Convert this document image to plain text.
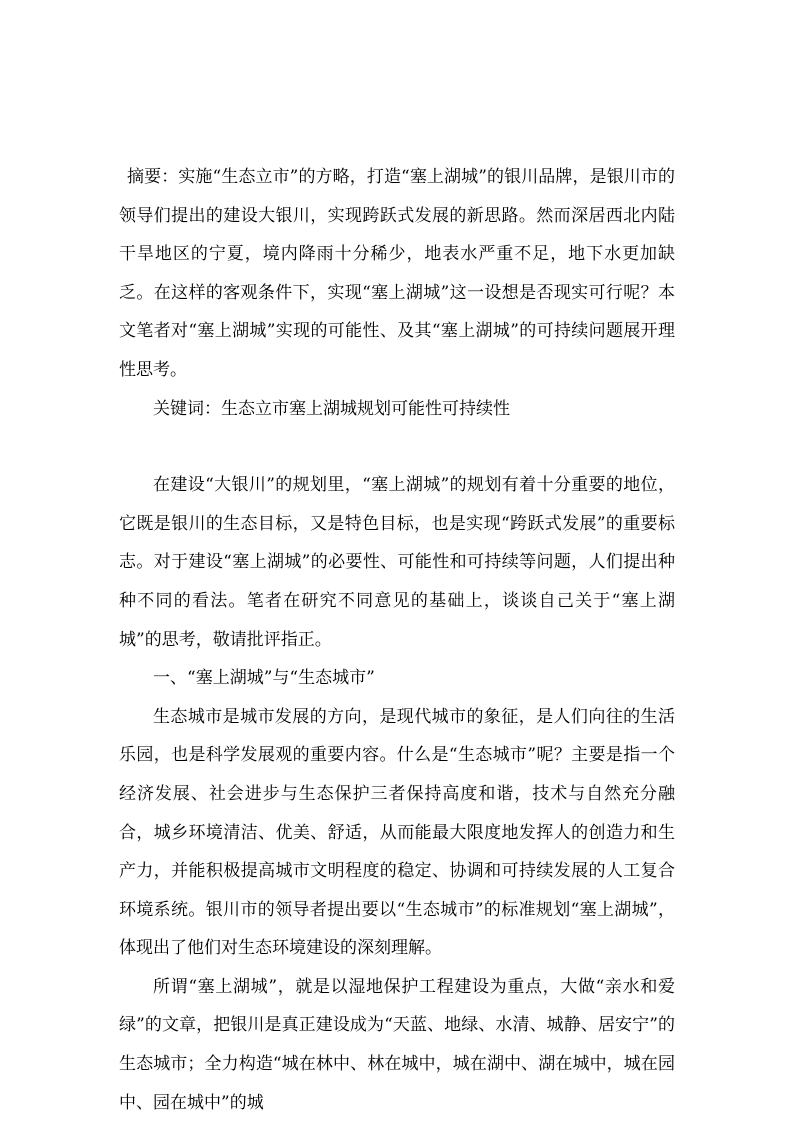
摘要：实施“生态立市”的方略，打造“塞上湖城”的银川品牌，是银川市的领导们提出的建设大银川，实现跨跃式发展的新思路。然而深居西北内陆干旱地区的宁夏，境内降雨十分稀少，地表水严重不足，地下水更加缺乏。在这样的客观条件下，实现“塞上湖城”这一设想是否现实可行呢？本文笔者对“塞上湖城”实现的可能性、及其“塞上湖城”的可持续问题展开理性思考。

关键词：生态立市塞上湖城规划可能性可持续性

在建设“大银川”的规划里，“塞上湖城”的规划有着十分重要的地位，它既是银川的生态目标，又是特色目标，也是实现“跨跃式发展”的重要标志。对于建设“塞上湖城”的必要性、可能性和可持续等问题，人们提出种种不同的看法。笔者在研究不同意见的基础上，谈谈自己关于“塞上湖城”的思考，敬请批评指正。

一、“塞上湖城”与“生态城市”

生态城市是城市发展的方向，是现代城市的象征，是人们向往的生活乐园，也是科学发展观的重要内容。什么是“生态城市”呢？主要是指一个经济发展、社会进步与生态保护三者保持高度和谐，技术与自然充分融合，城乡环境清洁、优美、舒适，从而能最大限度地发挥人的创造力和生产力，并能积极提高城市文明程度的稳定、协调和可持续发展的人工复合环境系统。银川市的领导者提出要以“生态城市”的标准规划“塞上湖城”，体现出了他们对生态环境建设的深刻理解。

所谓“塞上湖城”，就是以湿地保护工程建设为重点，大做“亲水和爱绿”的文章，把银川是真正建设成为“天蓝、地绿、水清、城静、居安宁”的生态城市；全力构造“城在林中、林在城中，城在湖中、湖在城中，城在园中、园在城中”的城
